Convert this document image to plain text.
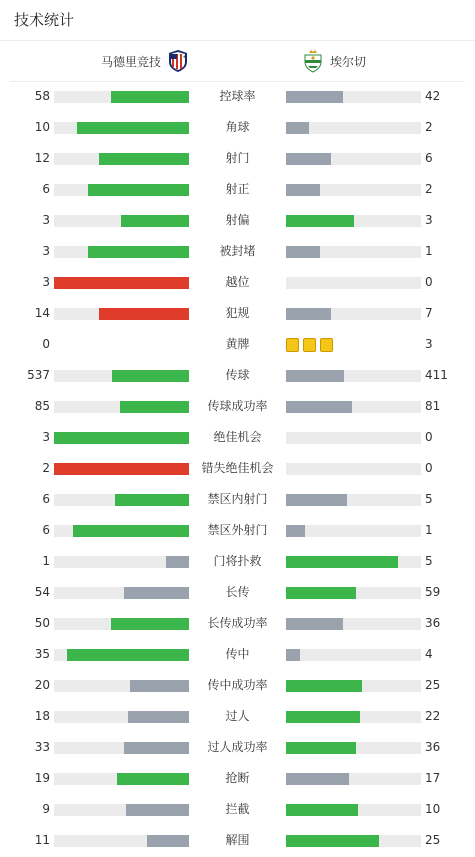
技术统计
马德里竞技	埃尔切
58	控球率	42
10	角球	2
12	射门	6
6	射正	2
3	射偏	3
3	被封堵	1
3	越位	0
14	犯规	7
0	黄牌	3
537	传球	411
85	传球成功率	81
3	绝佳机会	0
2	错失绝佳机会	0
6	禁区内射门	5
6	禁区外射门	1
1	门将扑救	5
54	长传	59
50	长传成功率	36
35	传中	4
20	传中成功率	25
18	过人	22
33	过人成功率	36
19	抢断	17
9	拦截	10
11	解围	25
